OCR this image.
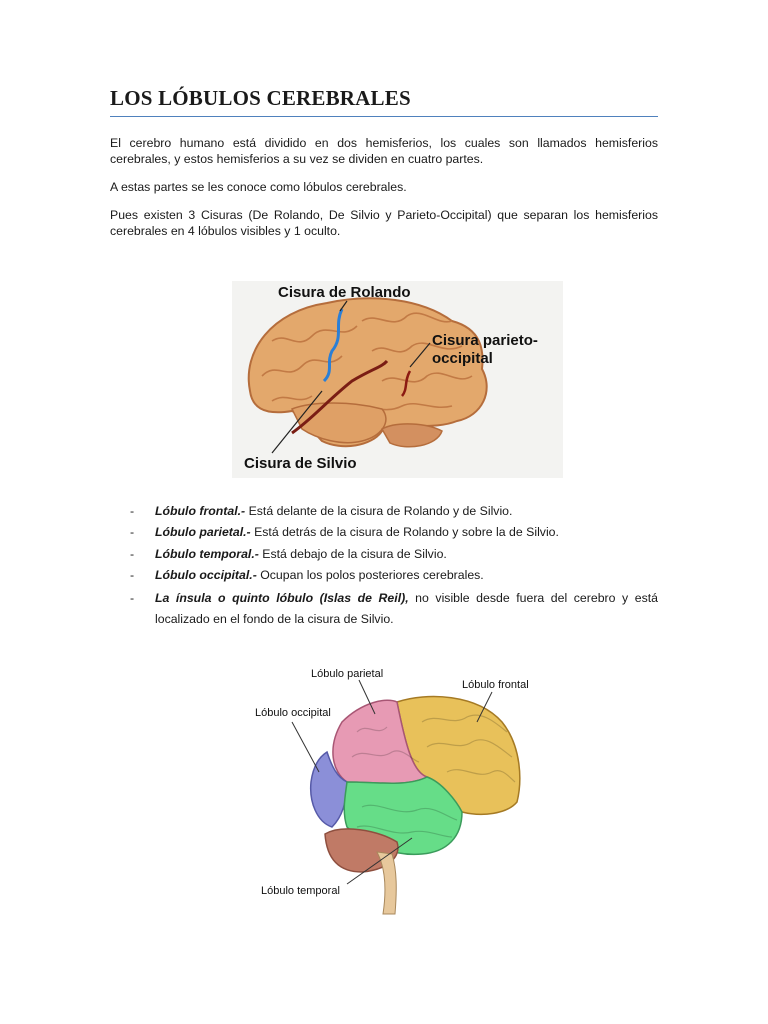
LOS LÓBULOS CEREBRALES

El cerebro humano está dividido en dos hemisferios, los cuales son llamados hemisferios cerebrales, y estos hemisferios a su vez se dividen en cuatro partes.

A estas partes se les conoce como lóbulos cerebrales.

Pues existen 3 Cisuras (De Rolando, De Silvio y Parieto-Occipital) que separan los hemisferios cerebrales en 4 lóbulos visibles y 1 oculto.

Cisura de Rolando
Cisura parieto-
occipital
Cisura de Silvio
- Lóbulo frontal.- Está delante de la cisura de Rolando y de Silvio.
- Lóbulo parietal.- Está detrás de la cisura de Rolando y sobre la de Silvio.
- Lóbulo temporal.- Está debajo de la cisura de Silvio.
- Lóbulo occipital.- Ocupan los polos posteriores cerebrales.
- La ínsula o quinto lóbulo (Islas de Reil), no visible desde fuera del cerebro y está localizado en el fondo de la cisura de Silvio.
Lóbulo parietal
Lóbulo frontal
Lóbulo occipital
Lóbulo temporal
